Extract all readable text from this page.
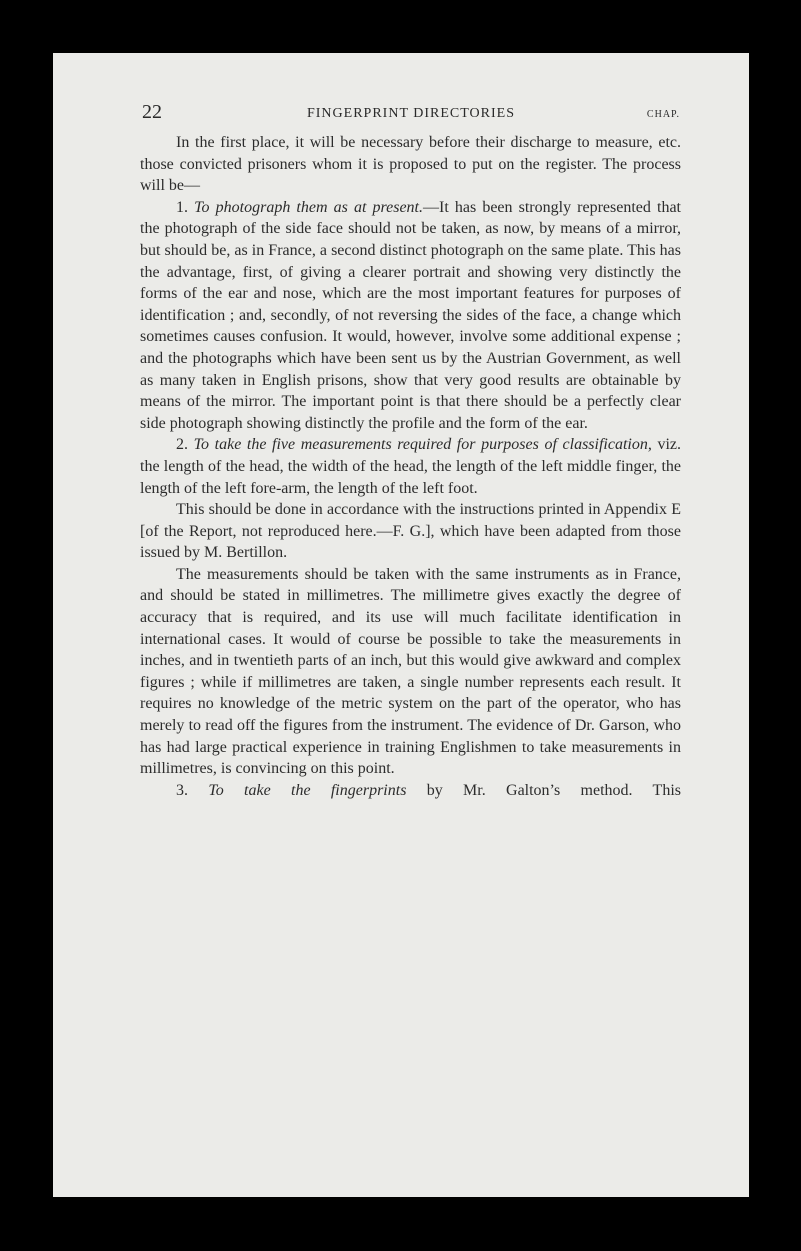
22	FINGERPRINT DIRECTORIES	CHAP.

In the first place, it will be necessary before their discharge to measure, etc. those convicted prisoners whom it is proposed to put on the register. The process will be—

1. To photograph them as at present.—It has been strongly represented that the photograph of the side face should not be taken, as now, by means of a mirror, but should be, as in France, a second distinct photograph on the same plate. This has the advantage, first, of giving a clearer portrait and showing very distinctly the forms of the ear and nose, which are the most important features for purposes of identification ; and, secondly, of not reversing the sides of the face, a change which sometimes causes confusion. It would, however, involve some additional expense ; and the photographs which have been sent us by the Austrian Government, as well as many taken in English prisons, show that very good results are obtainable by means of the mirror. The important point is that there should be a perfectly clear side photograph showing distinctly the profile and the form of the ear.

2. To take the five measurements required for purposes of classification, viz. the length of the head, the width of the head, the length of the left middle finger, the length of the left fore-arm, the length of the left foot.

This should be done in accordance with the instructions printed in Appendix E [of the Report, not reproduced here.—F. G.], which have been adapted from those issued by M. Bertillon.

The measurements should be taken with the same instruments as in France, and should be stated in millimetres. The millimetre gives exactly the degree of accuracy that is required, and its use will much facilitate identification in international cases. It would of course be possible to take the measurements in inches, and in twentieth parts of an inch, but this would give awkward and complex figures ; while if millimetres are taken, a single number represents each result. It requires no knowledge of the metric system on the part of the operator, who has merely to read off the figures from the instrument. The evidence of Dr. Garson, who has had large practical experience in training Englishmen to take measurements in millimetres, is convincing on this point.

3. To take the fingerprints by Mr. Galton’s method. This
